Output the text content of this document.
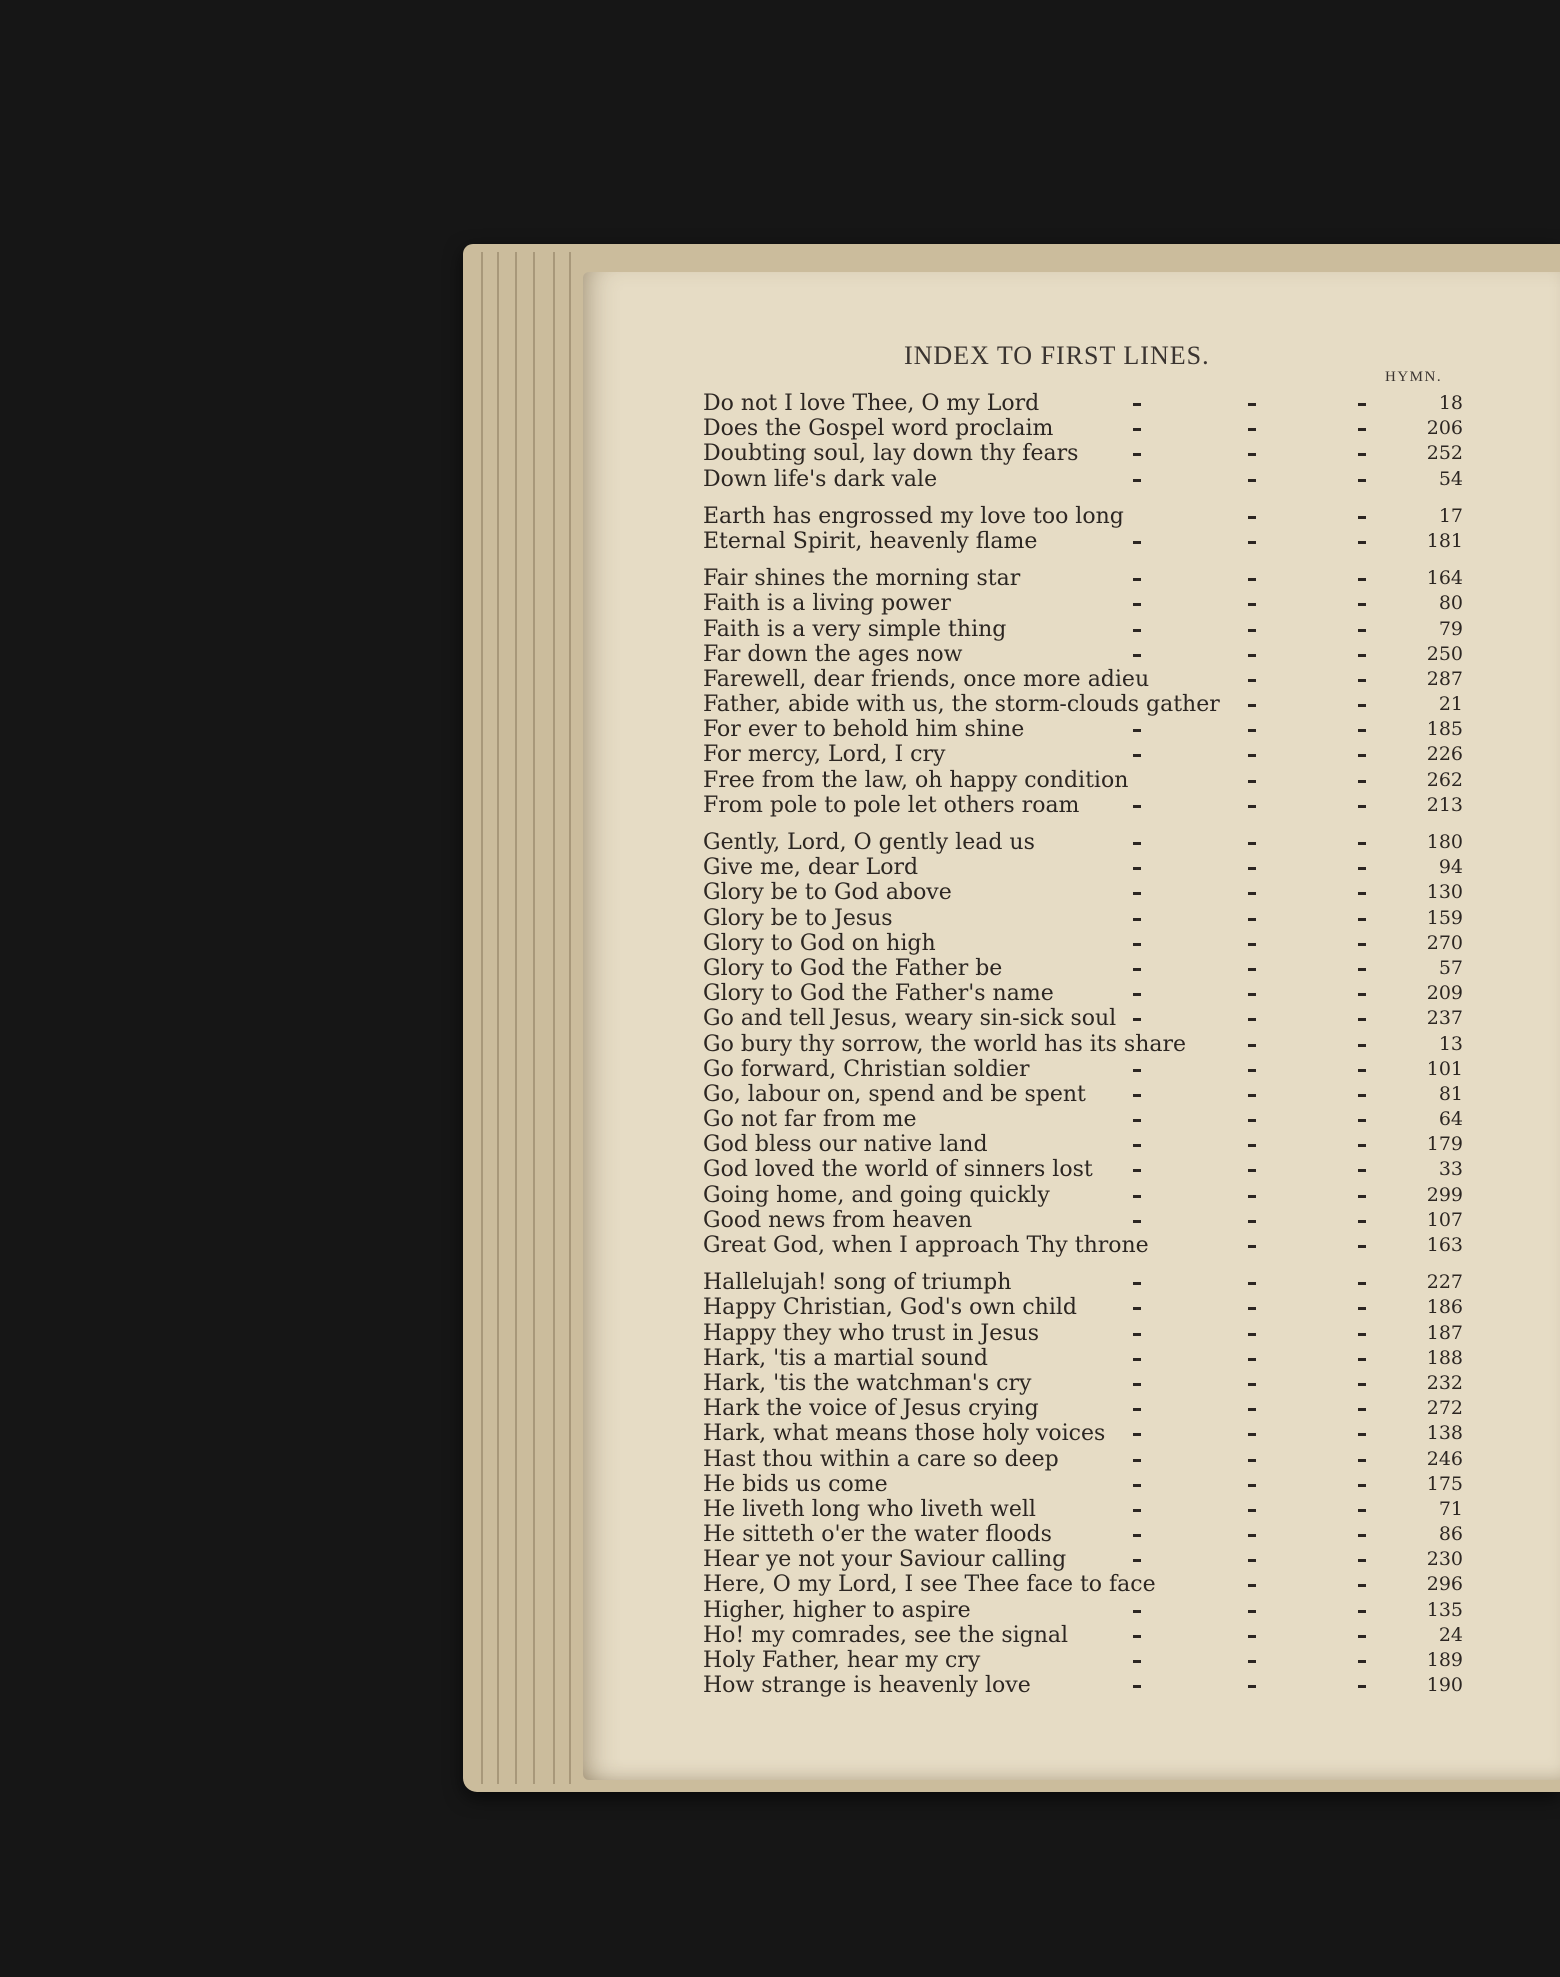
INDEX TO FIRST LINES.
HYMN.
Do not I love Thee, O my Lord	18
Does the Gospel word proclaim	206
Doubting soul, lay down thy fears	252
Down life's dark vale	54
Earth has engrossed my love too long	17
Eternal Spirit, heavenly flame	181
Fair shines the morning star	164
Faith is a living power	80
Faith is a very simple thing	79
Far down the ages now	250
Farewell, dear friends, once more adieu	287
Father, abide with us, the storm-clouds gather	21
For ever to behold him shine	185
For mercy, Lord, I cry	226
Free from the law, oh happy condition	262
From pole to pole let others roam	213
Gently, Lord, O gently lead us	180
Give me, dear Lord	94
Glory be to God above	130
Glory be to Jesus	159
Glory to God on high	270
Glory to God the Father be	57
Glory to God the Father's name	209
Go and tell Jesus, weary sin-sick soul	237
Go bury thy sorrow, the world has its share	13
Go forward, Christian soldier	101
Go, labour on, spend and be spent	81
Go not far from me	64
God bless our native land	179
God loved the world of sinners lost	33
Going home, and going quickly	299
Good news from heaven	107
Great God, when I approach Thy throne	163
Hallelujah! song of triumph	227
Happy Christian, God's own child	186
Happy they who trust in Jesus	187
Hark, 'tis a martial sound	188
Hark, 'tis the watchman's cry	232
Hark the voice of Jesus crying	272
Hark, what means those holy voices	138
Hast thou within a care so deep	246
He bids us come	175
He liveth long who liveth well	71
He sitteth o'er the water floods	86
Hear ye not your Saviour calling	230
Here, O my Lord, I see Thee face to face	296
Higher, higher to aspire	135
Ho! my comrades, see the signal	24
Holy Father, hear my cry	189
How strange is heavenly love	190
